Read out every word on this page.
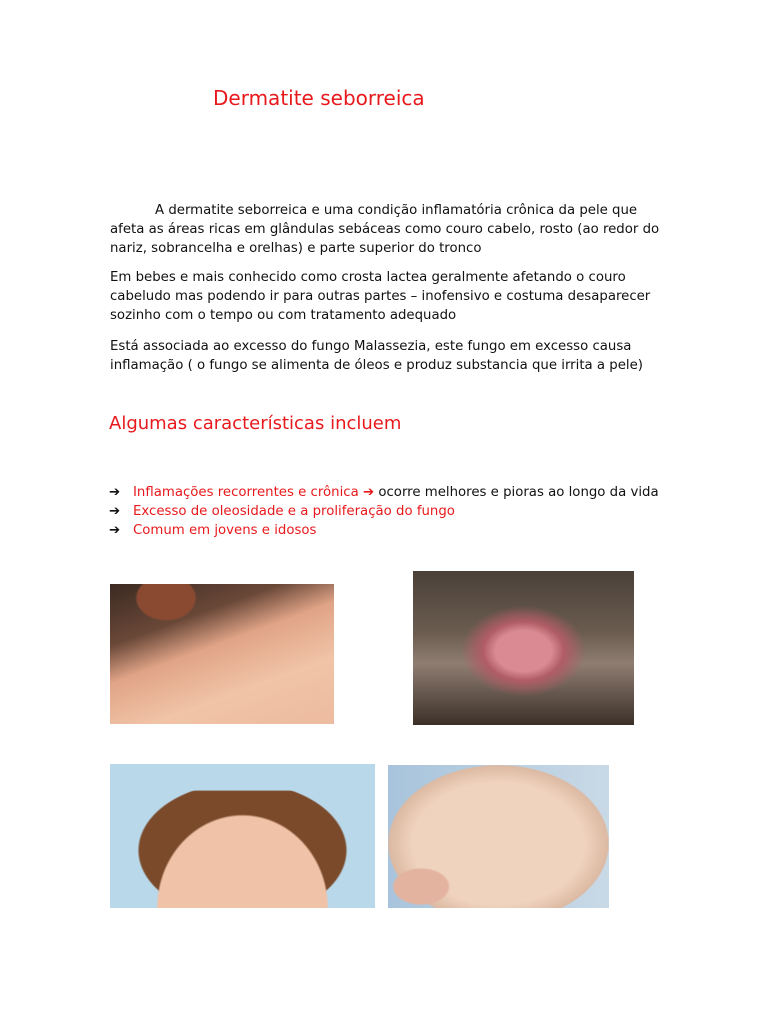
Dermatite seborreica
A dermatite seborreica e uma condição inflamatória crônica da pele que afeta as áreas ricas em glândulas sebáceas como couro cabelo, rosto (ao redor do nariz, sobrancelha e orelhas) e parte superior do tronco
Em bebes e mais conhecido como crosta lactea geralmente afetando o couro cabeludo mas podendo ir para outras partes – inofensivo e costuma desaparecer sozinho com o tempo ou com tratamento adequado
Está associada ao excesso do fungo Malassezia, este fungo em excesso causa inflamação ( o fungo se alimenta de óleos e produz substancia que irrita a pele)
Algumas características incluem
➔ Inflamações recorrentes e crônica ➔ ocorre melhores e pioras ao longo da vida
➔ Excesso de oleosidade e a proliferação do fungo
➔ Comum em jovens e idosos
